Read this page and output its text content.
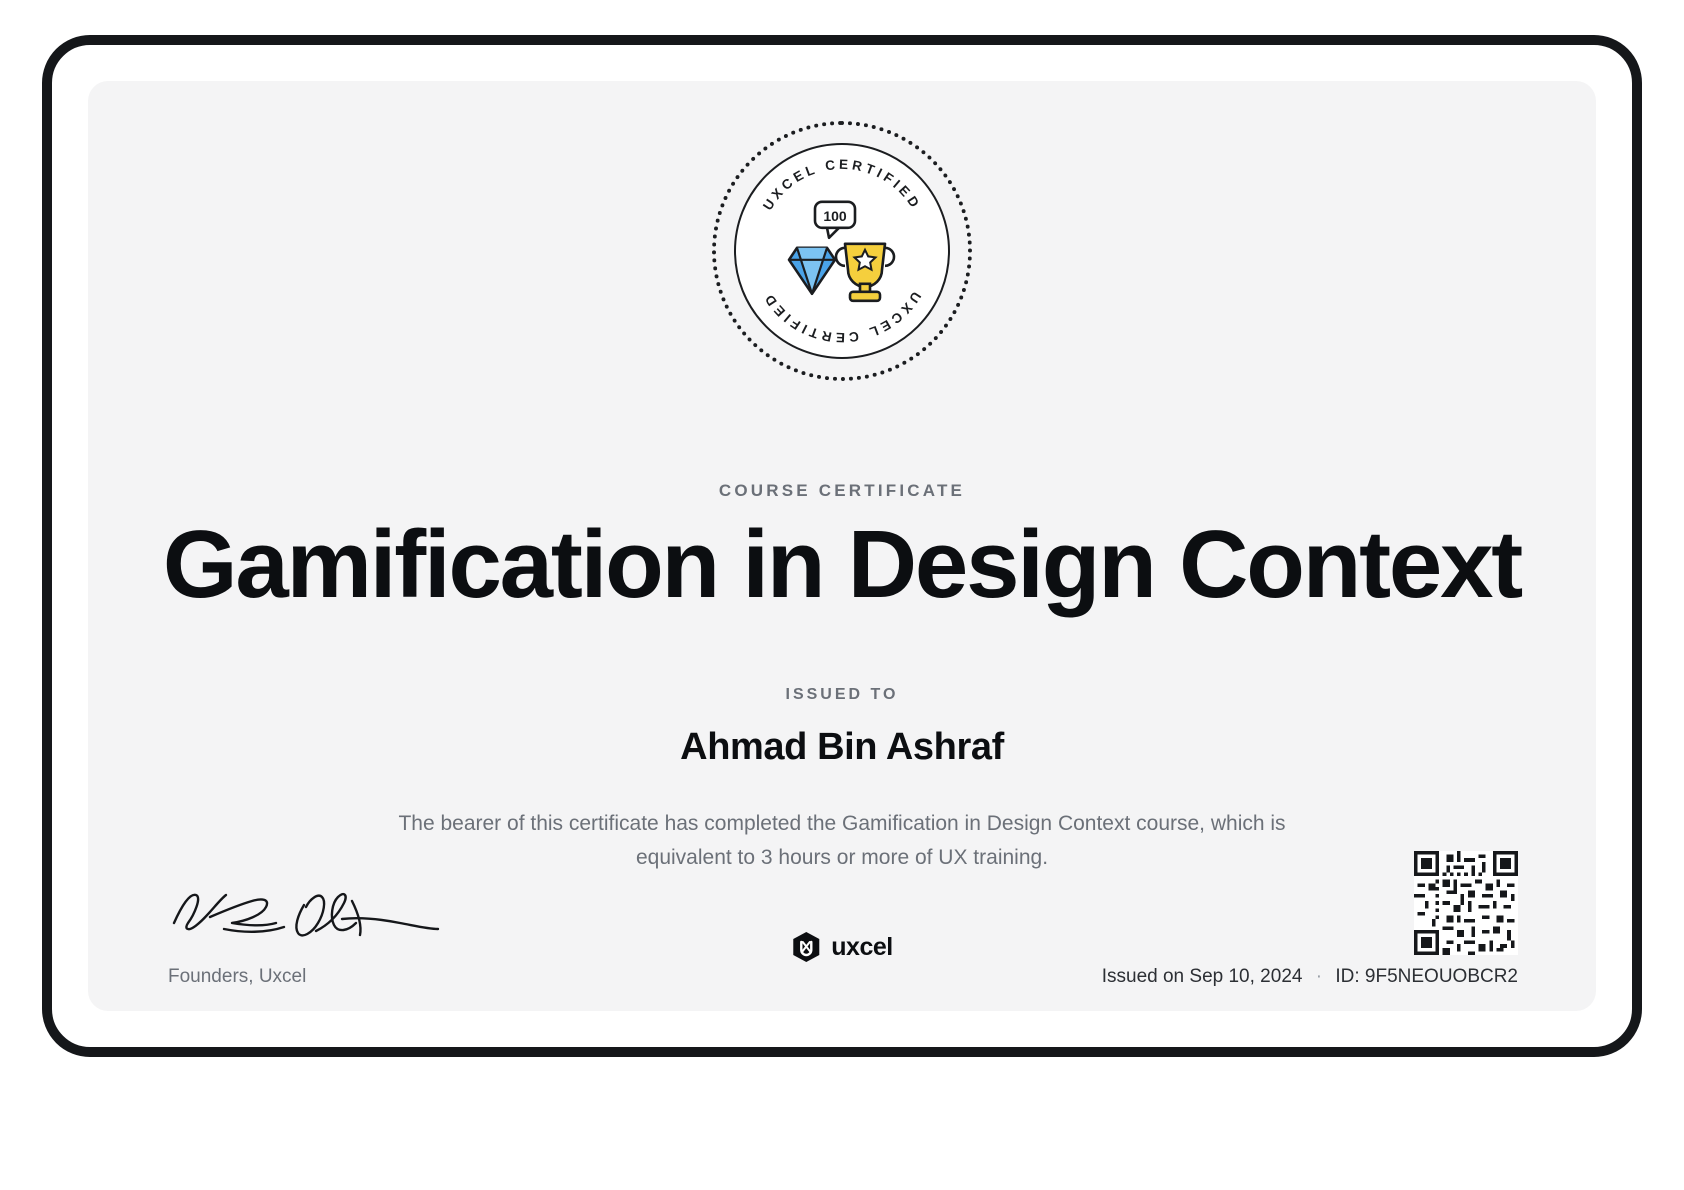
UXCEL CERTIFIED
UXCEL CERTIFIED
100
COURSE CERTIFICATE
Gamification in Design Context
ISSUED TO
Ahmad Bin Ashraf

The bearer of this certificate has completed the Gamification in Design Context course, which is equivalent to 3 hours or more of UX training.

Founders, Uxcel
uxcel
Issued on Sep 10, 2024 · ID: 9F5NEOUOBCR2
